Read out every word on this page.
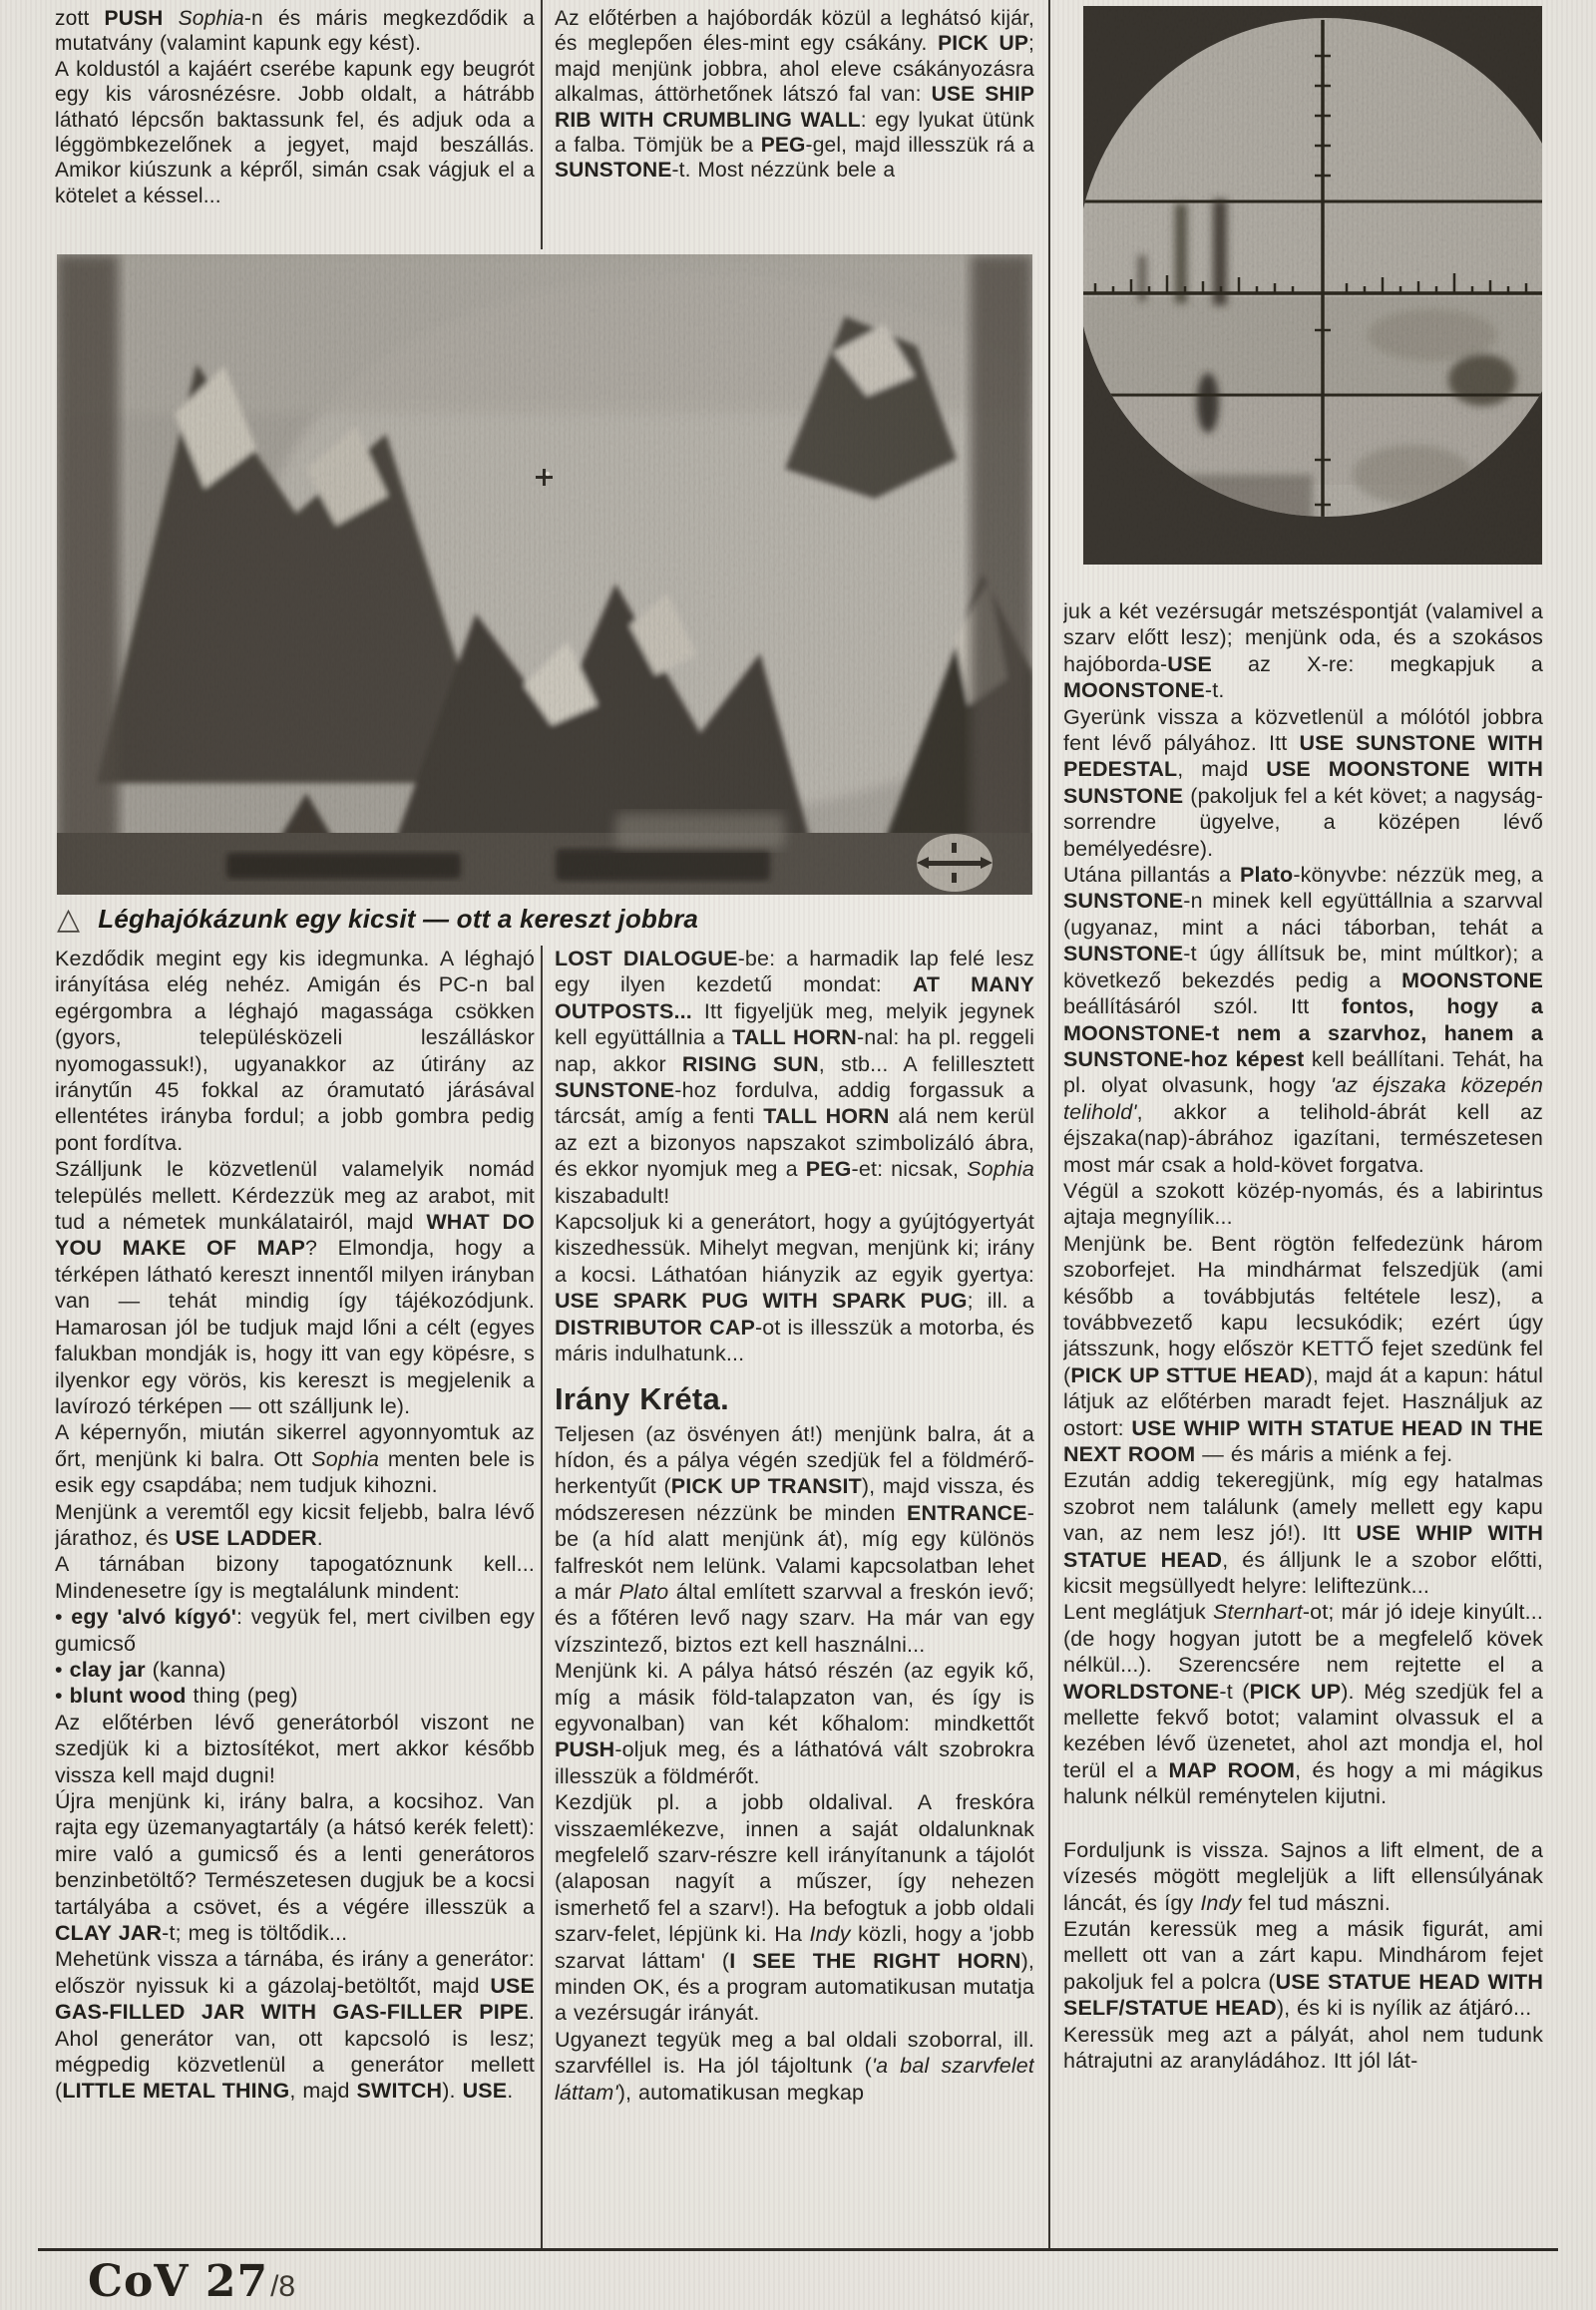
zott PUSH Sophia-n és máris megkezdődik a mutatvány (valamint kapunk egy kést).
A koldustól a kajáért cserébe kapunk egy beugrót egy kis városnézésre. Jobb oldalt, a hátrább látható lépcsőn baktassunk fel, és adjuk oda a léggömbkezelőnek a jegyet, majd beszállás. Amikor kiúszunk a képről, simán csak vágjuk el a kötelet a késsel...
Az előtérben a hajóbordák közül a leghátsó kijár, és meglepően éles-mint egy csákány. PICK UP; majd menjünk jobbra, ahol eleve csákányozásra alkalmas, áttörhetőnek látszó fal van: USE SHIP RIB WITH CRUMBLING WALL: egy lyukat ütünk a falba. Tömjük be a PEG-gel, majd illesszük rá a SUNSTONE-t. Most nézzünk bele a
Kezdődik megint egy kis idegmunka. A léghajó irányítása elég nehéz. Amigán és PC-n bal egérgombra a léghajó magassága csökken (gyors, településközeli leszálláskor nyomogassuk!), ugyanakkor az útirány az iránytűn 45 fokkal az óramutató járásával ellentétes irányba fordul; a jobb gombra pedig pont fordítva.
Szálljunk le közvetlenül valamelyik nomád település mellett. Kérdezzük meg az arabot, mit tud a németek munkálatairól, majd WHAT DO YOU MAKE OF MAP? Elmondja, hogy a térképen látható kereszt innentől milyen irányban van — tehát mindig így tájékozódjunk. Hamarosan jól be tudjuk majd lőni a célt (egyes falukban mondják is, hogy itt van egy köpésre, s ilyenkor egy vörös, kis kereszt is megjelenik a lavírozó térképen — ott szálljunk le).
A képernyőn, miután sikerrel agyonnyomtuk az őrt, menjünk ki balra. Ott Sophia menten bele is esik egy csapdába; nem tudjuk kihozni.
Menjünk a veremtől egy kicsit feljebb, balra lévő járathoz, és USE LADDER.
A tárnában bizony tapogatóznunk kell... Mindenesetre így is megtalálunk mindent:
• egy 'alvó kígyó': vegyük fel, mert civilben egy gumicső
• clay jar (kanna)
• blunt wood thing (peg)
Az előtérben lévő generátorból viszont ne szedjük ki a biztosítékot, mert akkor később vissza kell majd dugni!
Újra menjünk ki, irány balra, a kocsihoz. Van rajta egy üzemanyagtartály (a hátsó kerék felett): mire való a gumicső és a lenti generátoros benzinbetöltő? Természetesen dugjuk be a kocsi tartályába a csövet, és a végére illesszük a CLAY JAR-t; meg is töltődik...
Mehetünk vissza a tárnába, és irány a generátor: először nyissuk ki a gázolaj-betöltőt, majd USE GAS-FILLED JAR WITH GAS-FILLER PIPE. Ahol generátor van, ott kapcsoló is lesz; mégpedig közvetlenül a generátor mellett (LITTLE METAL THING, majd SWITCH). USE.
LOST DIALOGUE-be: a harmadik lap felé lesz egy ilyen kezdetű mondat: AT MANY OUTPOSTS... Itt figyeljük meg, melyik jegynek kell együttállnia a TALL HORN-nal: ha pl. reggeli nap, akkor RISING SUN, stb... A felillesztett SUNSTONE-hoz fordulva, addig forgassuk a tárcsát, amíg a fenti TALL HORN alá nem kerül az ezt a bizonyos napszakot szimbolizáló ábra, és ekkor nyomjuk meg a PEG-et: nicsak, Sophia kiszabadult!
Kapcsoljuk ki a generátort, hogy a gyújtógyertyát kiszedhessük. Mihelyt megvan, menjünk ki; irány a kocsi. Láthatóan hiányzik az egyik gyertya: USE SPARK PUG WITH SPARK PUG; ill. a DISTRIBUTOR CAP-ot is illesszük a motorba, és máris indulhatunk...
Irány Kréta.
Teljesen (az ösvényen át!) menjünk balra, át a hídon, és a pálya végén szedjük fel a földmérő-herkentyűt (PICK UP TRANSIT), majd vissza, és módszeresen nézzünk be minden ENTRANCE-be (a híd alatt menjünk át), míg egy különös falfreskót nem lelünk. Valami kapcsolatban lehet a már Plato által említett szarvval a freskón ievő; és a főtéren levő nagy szarv. Ha már van egy vízszintező, biztos ezt kell használni...
Menjünk ki. A pálya hátsó részén (az egyik kő, míg a másik föld-talapzaton van, és így is egyvonalban) van két kőhalom: mindkettőt PUSH-oljuk meg, és a láthatóvá vált szobrokra illesszük a földmérőt.
Kezdjük pl. a jobb oldalival. A freskóra visszaemlékezve, innen a saját oldalunknak megfelelő szarv-részre kell irányítanunk a tájolót (alaposan nagyít a műszer, így nehezen ismerhető fel a szarv!). Ha befogtuk a jobb oldali szarv-felet, lépjünk ki. Ha Indy közli, hogy a 'jobb szarvat láttam' (I SEE THE RIGHT HORN), minden OK, és a program automatikusan mutatja a vezérsugár irányát.
Ugyanezt tegyük meg a bal oldali szoborral, ill. szarvféllel is. Ha jól tájoltunk ('a bal szarvfelet láttam'), automatikusan megkap
juk a két vezérsugár metszéspontját (valamivel a szarv előtt lesz); menjünk oda, és a szokásos hajóborda-USE az X-re: megkapjuk a MOONSTONE-t.
Gyerünk vissza a közvetlenül a mólótól jobbra fent lévő pályához. Itt USE SUNSTONE WITH PEDESTAL, majd USE MOONSTONE WITH SUNSTONE (pakoljuk fel a két követ; a nagyság-sorrendre ügyelve, a középen lévő bemélyedésre).
Utána pillantás a Plato-könyvbe: nézzük meg, a SUNSTONE-n minek kell együttállnia a szarvval (ugyanaz, mint a náci táborban, tehát a SUNSTONE-t úgy állítsuk be, mint múltkor); a következő bekezdés pedig a MOONSTONE beállításáról szól. Itt fontos, hogy a MOONSTONE-t nem a szarvhoz, hanem a SUNSTONE-hoz képest kell beállítani. Tehát, ha pl. olyat olvasunk, hogy 'az éjszaka közepén telihold', akkor a telihold-ábrát kell az éjszaka(nap)-ábrához igazítani, természetesen most már csak a hold-követ forgatva.
Végül a szokott közép-nyomás, és a labirintus ajtaja megnyílik...
Menjünk be. Bent rögtön felfedezünk három szoborfejet. Ha mindhármat felszedjük (ami később a továbbjutás feltétele lesz), a továbbvezető kapu lecsukódik; ezért úgy játsszunk, hogy először KETTŐ fejet szedünk fel (PICK UP STTUE HEAD), majd át a kapun: hátul látjuk az előtérben maradt fejet. Használjuk az ostort: USE WHIP WITH STATUE HEAD IN THE NEXT ROOM — és máris a miénk a fej.
Ezután addig tekeregjünk, míg egy hatalmas szobrot nem találunk (amely mellett egy kapu van, az nem lesz jó!). Itt USE WHIP WITH STATUE HEAD, és álljunk le a szobor előtti, kicsit megsüllyedt helyre: leliftezünk...
Lent meglátjuk Sternhart-ot; már jó ideje kinyúlt... (de hogy hogyan jutott be a megfelelő kövek nélkül...). Szerencsére nem rejtette el a WORLDSTONE-t (PICK UP). Még szedjük fel a mellette fekvő botot; valamint olvassuk el a kezében lévő üzenetet, ahol azt mondja el, hol terül el a MAP ROOM, és hogy a mi mágikus halunk nélkül reménytelen kijutni.
Forduljunk is vissza. Sajnos a lift elment, de a vízesés mögött megleljük a lift ellensúlyának láncát, és így Indy fel tud mászni.
Ezután keressük meg a másik figurát, ami mellett ott van a zárt kapu. Mindhárom fejet pakoljuk fel a polcra (USE STATUE HEAD WITH SELF/STATUE HEAD), és ki is nyílik az átjáró...
Keressük meg azt a pályát, ahol nem tudunk hátrajutni az aranyládához. Itt jól lát-
△ Léghajókázunk egy kicsit — ott a kereszt jobbra
CoV 27 /8
